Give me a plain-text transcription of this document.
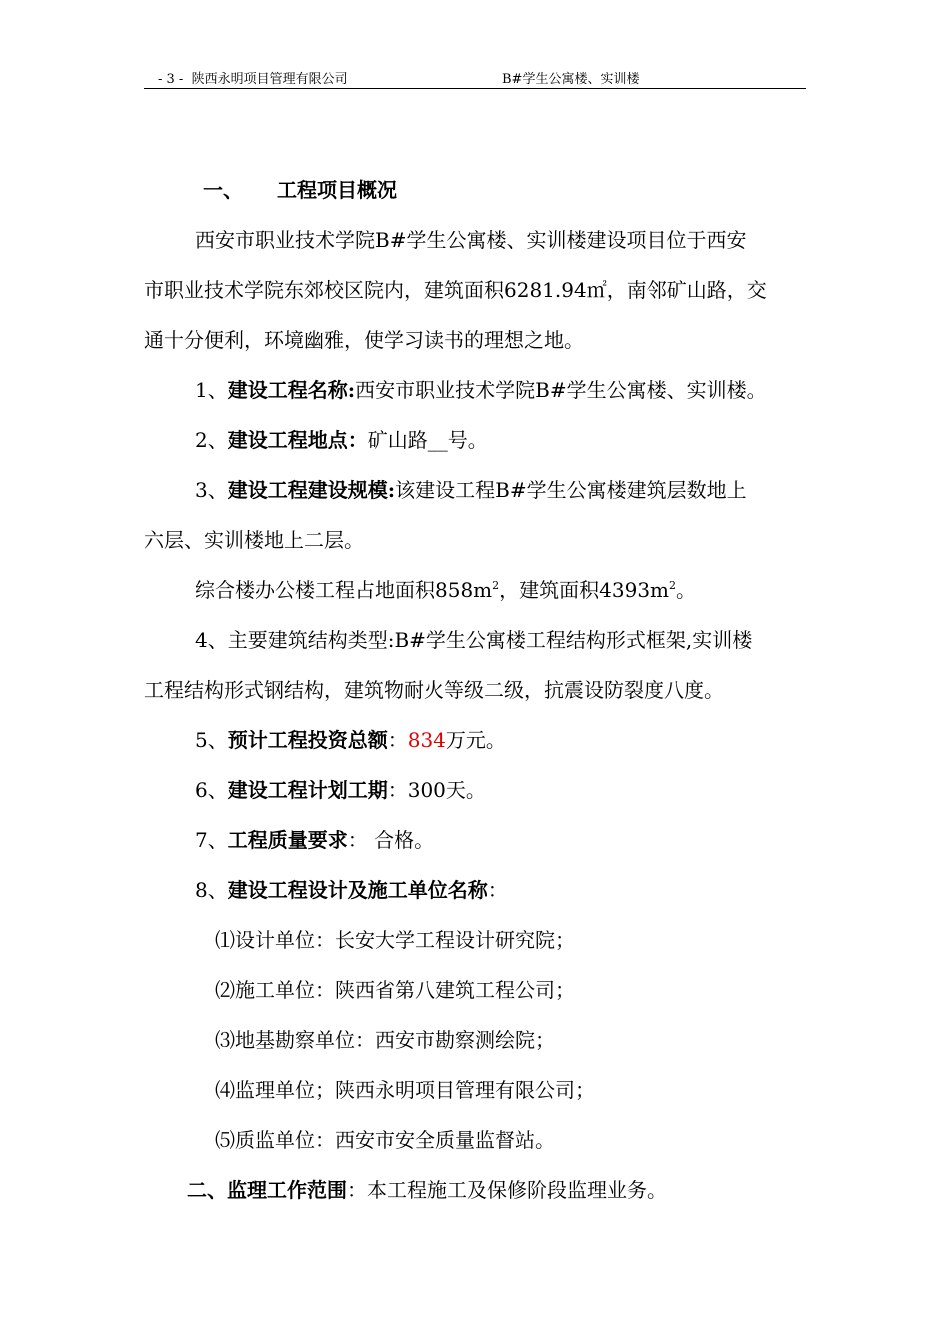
- 3 - 陕西永明项目管理有限公司	B#学生公寓楼、实训楼
一、 工程项目概况
西安市职业技术学院B#学生公寓楼、实训楼建设项目位于西安
市职业技术学院东郊校区院内，建筑面积6281.94㎡，南邻矿山路，交
通十分便利，环境幽雅，使学习读书的理想之地。
1、建设工程名称:西安市职业技术学院B#学生公寓楼、实训楼。
2、建设工程地点：矿山路__号。
3、建设工程建设规模:该建设工程B#学生公寓楼建筑层数地上
六层、实训楼地上二层。
综合楼办公楼工程占地面积$858m^2$，建筑面积$4393m^2$。
4、主要建筑结构类型:B#学生公寓楼工程结构形式框架,实训楼
工程结构形式钢结构，建筑物耐火等级二级，抗震设防裂度八度。
5、预计工程投资总额：834万元。
6、建设工程计划工期：300天。
7、工程质量要求： 合格。
8、建设工程设计及施工单位名称：
⑴设计单位：长安大学工程设计研究院；
⑵施工单位：陕西省第八建筑工程公司；
⑶地基勘察单位：西安市勘察测绘院；
⑷监理单位；陕西永明项目管理有限公司；
⑸质监单位：西安市安全质量监督站。
二、监理工作范围：本工程施工及保修阶段监理业务。
